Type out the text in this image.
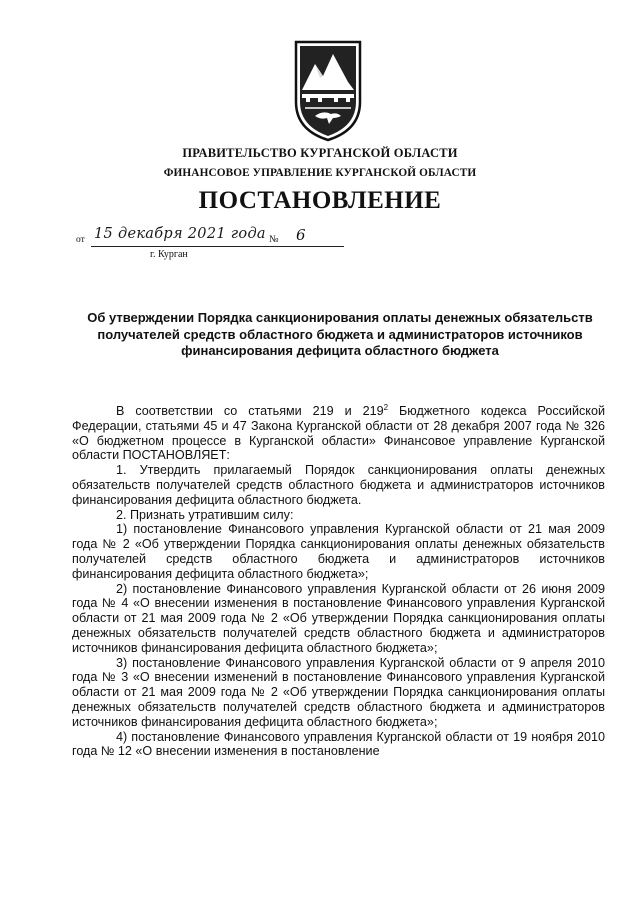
ПРАВИТЕЛЬСТВО КУРГАНСКОЙ ОБЛАСТИ
ФИНАНСОВОЕ УПРАВЛЕНИЕ КУРГАНСКОЙ ОБЛАСТИ
ПОСТАНОВЛЕНИЕ
от 15 декабря 2021 года № 6
г. Курган
Об утверждении Порядка санкционирования оплаты денежных обязательств получателей средств областного бюджета и администраторов источников финансирования дефицита областного бюджета

В соответствии со статьями 219 и $219^2$ Бюджетного кодекса Российской Федерации, статьями 45 и 47 Закона Курганской области от 28 декабря 2007 года № 326 «О бюджетном процессе в Курганской области» Финансовое управление Курганской области ПОСТАНОВЛЯЕТ:

1. Утвердить прилагаемый Порядок санкционирования оплаты денежных обязательств получателей средств областного бюджета и администраторов источников финансирования дефицита областного бюджета.

2. Признать утратившим силу:

1) постановление Финансового управления Курганской области от 21 мая 2009 года № 2 «Об утверждении Порядка санкционирования оплаты денежных обязательств получателей средств областного бюджета и администраторов источников финансирования дефицита областного бюджета»;

2) постановление Финансового управления Курганской области от 26 июня 2009 года № 4 «О внесении изменения в постановление Финансового управления Курганской области от 21 мая 2009 года № 2 «Об утверждении Порядка санкционирования оплаты денежных обязательств получателей средств областного бюджета и администраторов источников финансирования дефицита областного бюджета»;

3) постановление Финансового управления Курганской области от 9 апреля 2010 года № 3 «О внесении изменений в постановление Финансового управления Курганской области от 21 мая 2009 года № 2 «Об утверждении Порядка санкционирования оплаты денежных обязательств получателей средств областного бюджета и администраторов источников финансирования дефицита областного бюджета»;

4) постановление Финансового управления Курганской области от 19 ноября 2010 года № 12 «О внесении изменения в постановление
